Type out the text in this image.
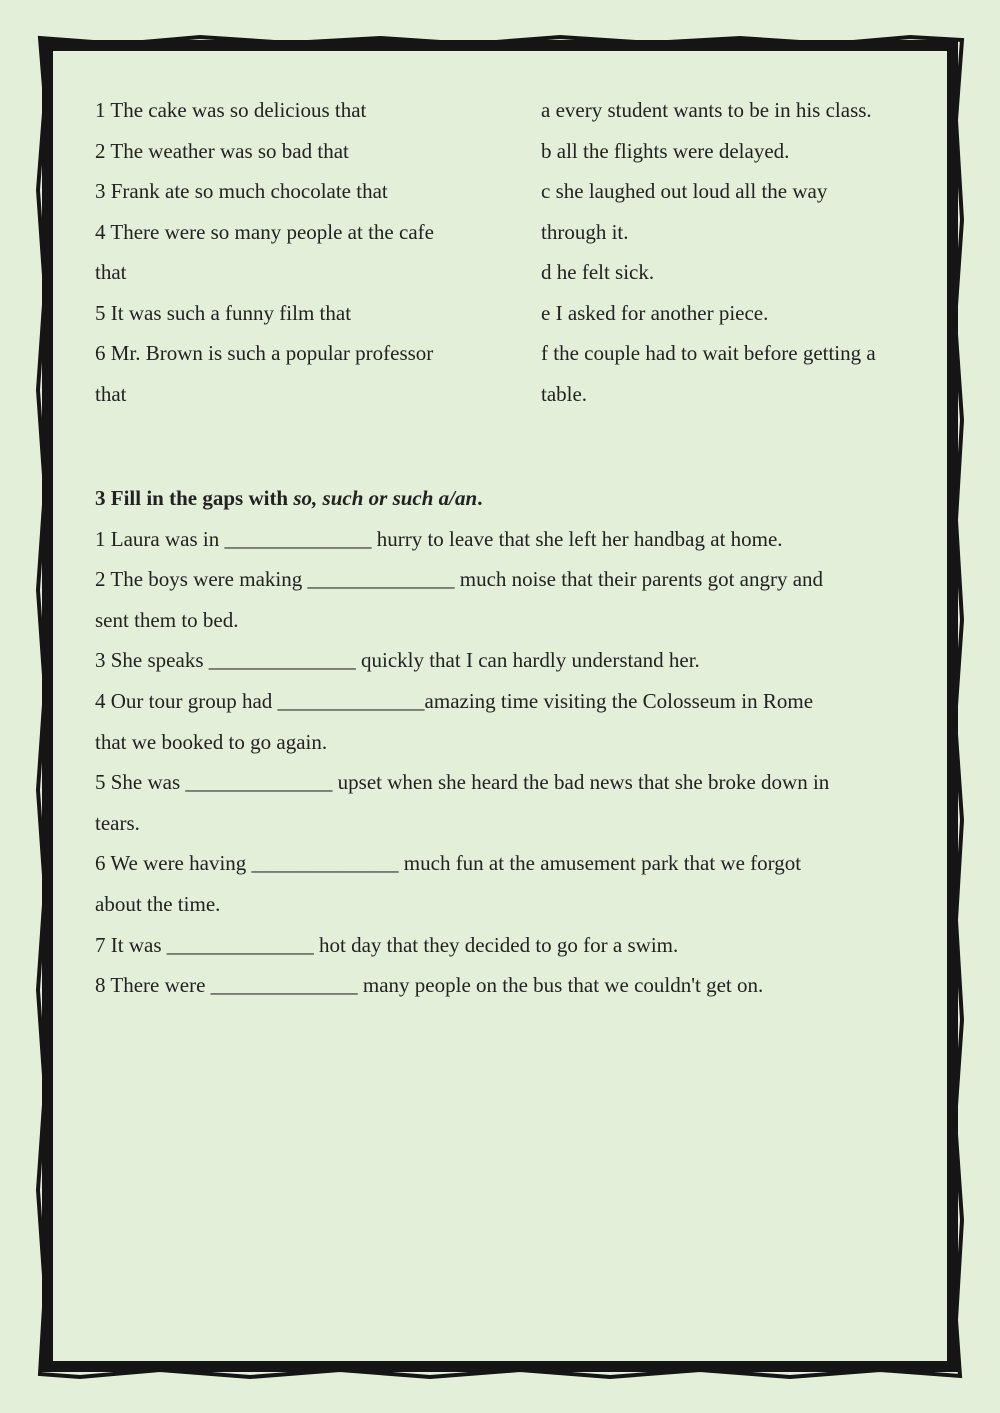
1 The cake was so delicious that
2 The weather was so bad that
3 Frank ate so much chocolate that
4 There were so many people at the cafe
that
5 It was such a funny film that
6 Mr. Brown is such a popular professor
that
a every student wants to be in his class.
b all the flights were delayed.
c she laughed out loud all the way
through it.
d he felt sick.
e I asked for another piece.
f the couple had to wait before getting a
table.
3 Fill in the gaps with so, such or such a/an.
1 Laura was in ______________ hurry to leave that she left her handbag at home.
2 The boys were making ______________ much noise that their parents got angry and
sent them to bed.
3 She speaks ______________ quickly that I can hardly understand her.
4 Our tour group had ______________amazing time visiting the Colosseum in Rome
that we booked to go again.
5 She was ______________ upset when she heard the bad news that she broke down in
tears.
6 We were having ______________ much fun at the amusement park that we forgot
about the time.
7 It was ______________ hot day that they decided to go for a swim.
8 There were ______________ many people on the bus that we couldn't get on.
